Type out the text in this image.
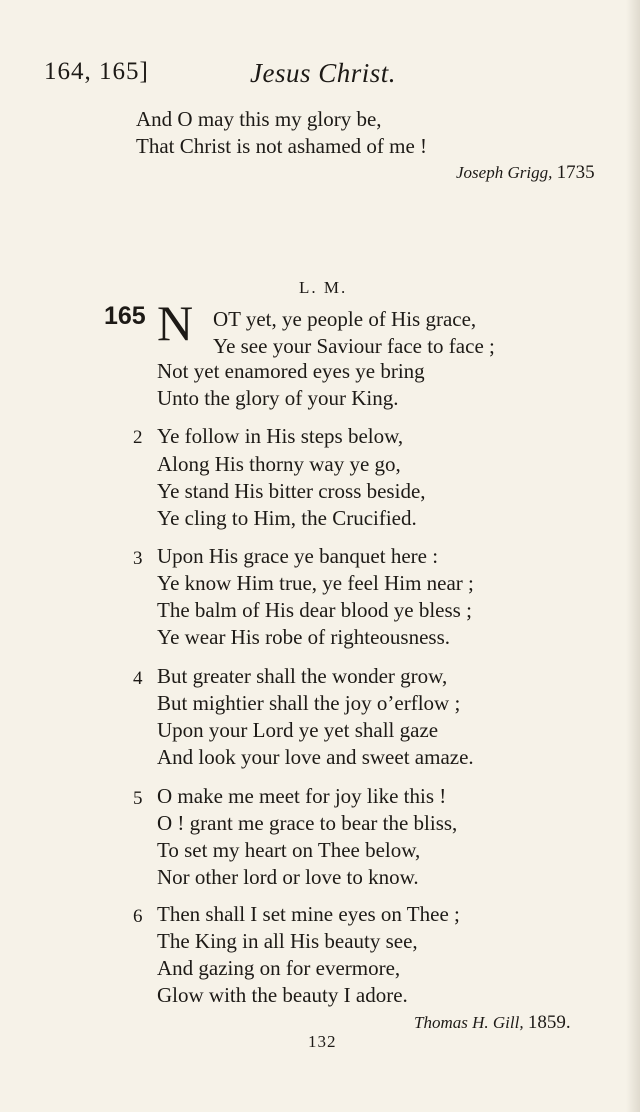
164, 165]	Jesus Christ.
And O may this my glory be,
That Christ is not ashamed of me !
Joseph Grigg, 1735
L. M.
165 N OT yet, ye people of His grace,
Ye see your Saviour face to face ;
Not yet enamored eyes ye bring
Unto the glory of your King.
2 Ye follow in His steps below,
Along His thorny way ye go,
Ye stand His bitter cross beside,
Ye cling to Him, the Crucified.
3 Upon His grace ye banquet here :
Ye know Him true, ye feel Him near ;
The balm of His dear blood ye bless ;
Ye wear His robe of righteousness.
4 But greater shall the wonder grow,
But mightier shall the joy o’erflow ;
Upon your Lord ye yet shall gaze
And look your love and sweet amaze.
5 O make me meet for joy like this !
O ! grant me grace to bear the bliss,
To set my heart on Thee below,
Nor other lord or love to know.
6 Then shall I set mine eyes on Thee ;
The King in all His beauty see,
And gazing on for evermore,
Glow with the beauty I adore.
Thomas H. Gill, 1859.
132
